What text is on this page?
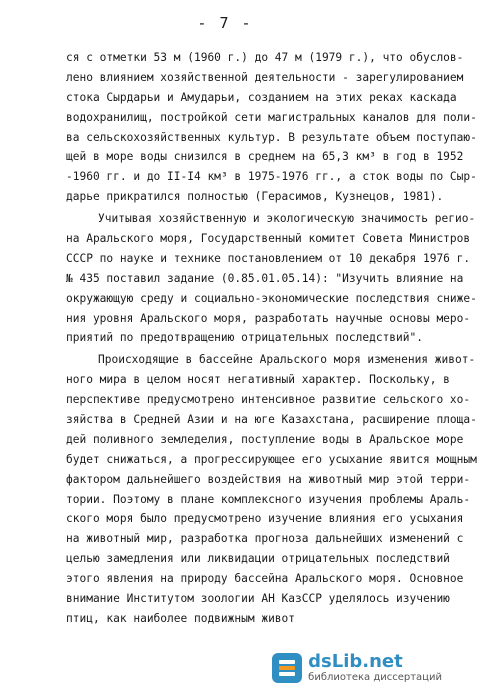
- 7 -
ся с отметки 53 м (1960 г.) до 47 м (1979 г.), что обуслов-
лено влиянием хозяйственной деятельности - зарегулированием
стока Сырдарьи и Амударьи, созданием на этих реках каскада
водохранилищ, постройкой сети магистральных каналов для поли-
ва сельскохозяйственных культур. В результате объем поступаю-
щей в море воды снизился в среднем на 65,3 км³ в год в 1952
-1960 гг. и до II-I4 км³ в 1975-1976 гг., а сток воды по Сыр-
дарье прикратился полностью (Герасимов, Кузнецов, 1981).
Учитывая хозяйственную и экологическую значимость регио-
на Аральского моря, Государственный комитет Совета Министров
СССР по науке и технике постановлением от 10 декабря 1976 г.
№ 435 поставил задание (0.85.01.05.14): "Изучить влияние на
окружающую среду и социально-экономические последствия сниже-
ния уровня Аральского моря, разработать научные основы меро-
приятий по предотвращению отрицательных последствий".
Происходящие в бассейне Аральского моря изменения живот-
ного мира в целом носят негативный характер. Поскольку, в
перспективе предусмотрено интенсивное развитие сельского хо-
зяйства в Средней Азии и на юге Казахстана, расширение площа-
дей поливного земледелия, поступление воды в Аральское море
будет снижаться, а прогрессирующее его усыхание явится мощным
фактором дальнейшего воздействия на животный мир этой терри-
тории. Поэтому в плане комплексного изучения проблемы Араль-
ского моря было предусмотрено изучение влияния его усыхания
на животный мир, разработка прогноза дальнейших изменений с
целью замедления или ликвидации отрицательных последствий
этого явления на природу бассейна Аральского моря. Основное
внимание Институтом зоологии АН КазССР уделялось изучению
птиц, как наиболее подвижным живот
dsLib.net
библиотека диссертаций
